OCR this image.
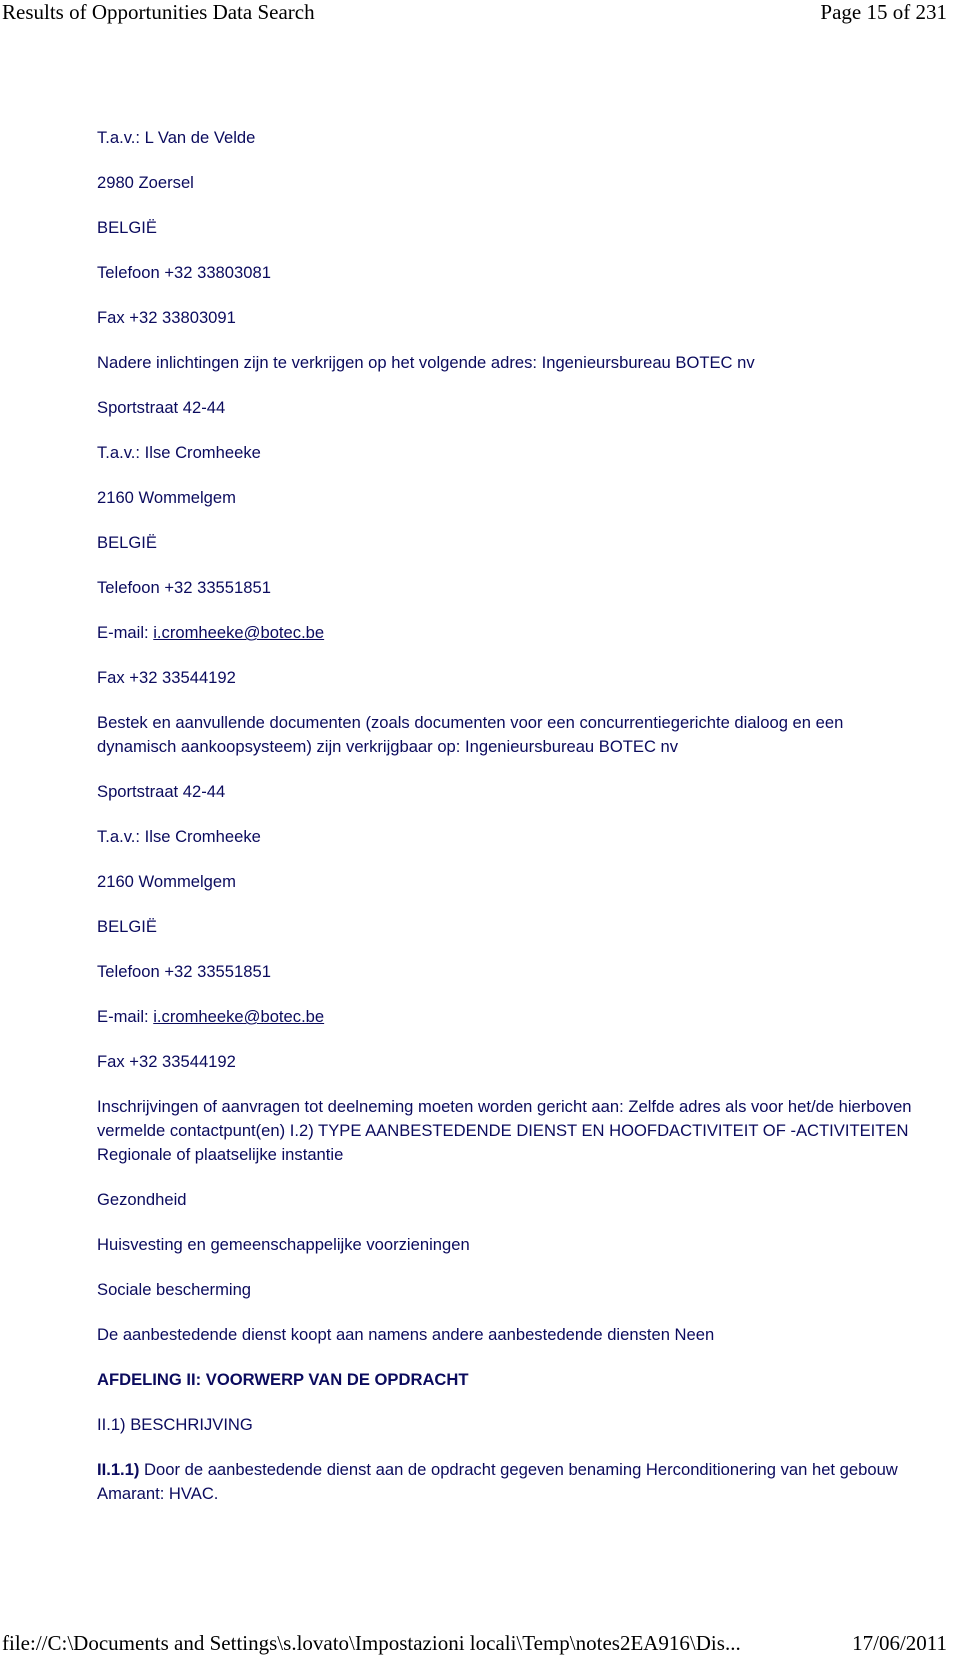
Results of Opportunities Data Search	Page 15 of 231

T.a.v.: L Van de Velde

2980 Zoersel

BELGIË

Telefoon +32 33803081

Fax +32 33803091

Nadere inlichtingen zijn te verkrijgen op het volgende adres: Ingenieursbureau BOTEC nv

Sportstraat 42-44

T.a.v.: Ilse Cromheeke

2160 Wommelgem

BELGIË

Telefoon +32 33551851

E-mail: i.cromheeke@botec.be

Fax +32 33544192

Bestek en aanvullende documenten (zoals documenten voor een concurrentiegerichte dialoog en een dynamisch aankoopsysteem) zijn verkrijgbaar op: Ingenieursbureau BOTEC nv

Sportstraat 42-44

T.a.v.: Ilse Cromheeke

2160 Wommelgem

BELGIË

Telefoon +32 33551851

E-mail: i.cromheeke@botec.be

Fax +32 33544192

Inschrijvingen of aanvragen tot deelneming moeten worden gericht aan: Zelfde adres als voor het/de hierboven vermelde contactpunt(en) I.2) TYPE AANBESTEDENDE DIENST EN HOOFDACTIVITEIT OF -ACTIVITEITEN Regionale of plaatselijke instantie

Gezondheid

Huisvesting en gemeenschappelijke voorzieningen

Sociale bescherming

De aanbestedende dienst koopt aan namens andere aanbestedende diensten Neen

AFDELING II: VOORWERP VAN DE OPDRACHT

II.1) BESCHRIJVING

II.1.1) Door de aanbestedende dienst aan de opdracht gegeven benaming Herconditionering van het gebouw Amarant: HVAC.

file://C:\Documents and Settings\s.lovato\Impostazioni locali\Temp\notes2EA916\Dis...	17/06/2011
